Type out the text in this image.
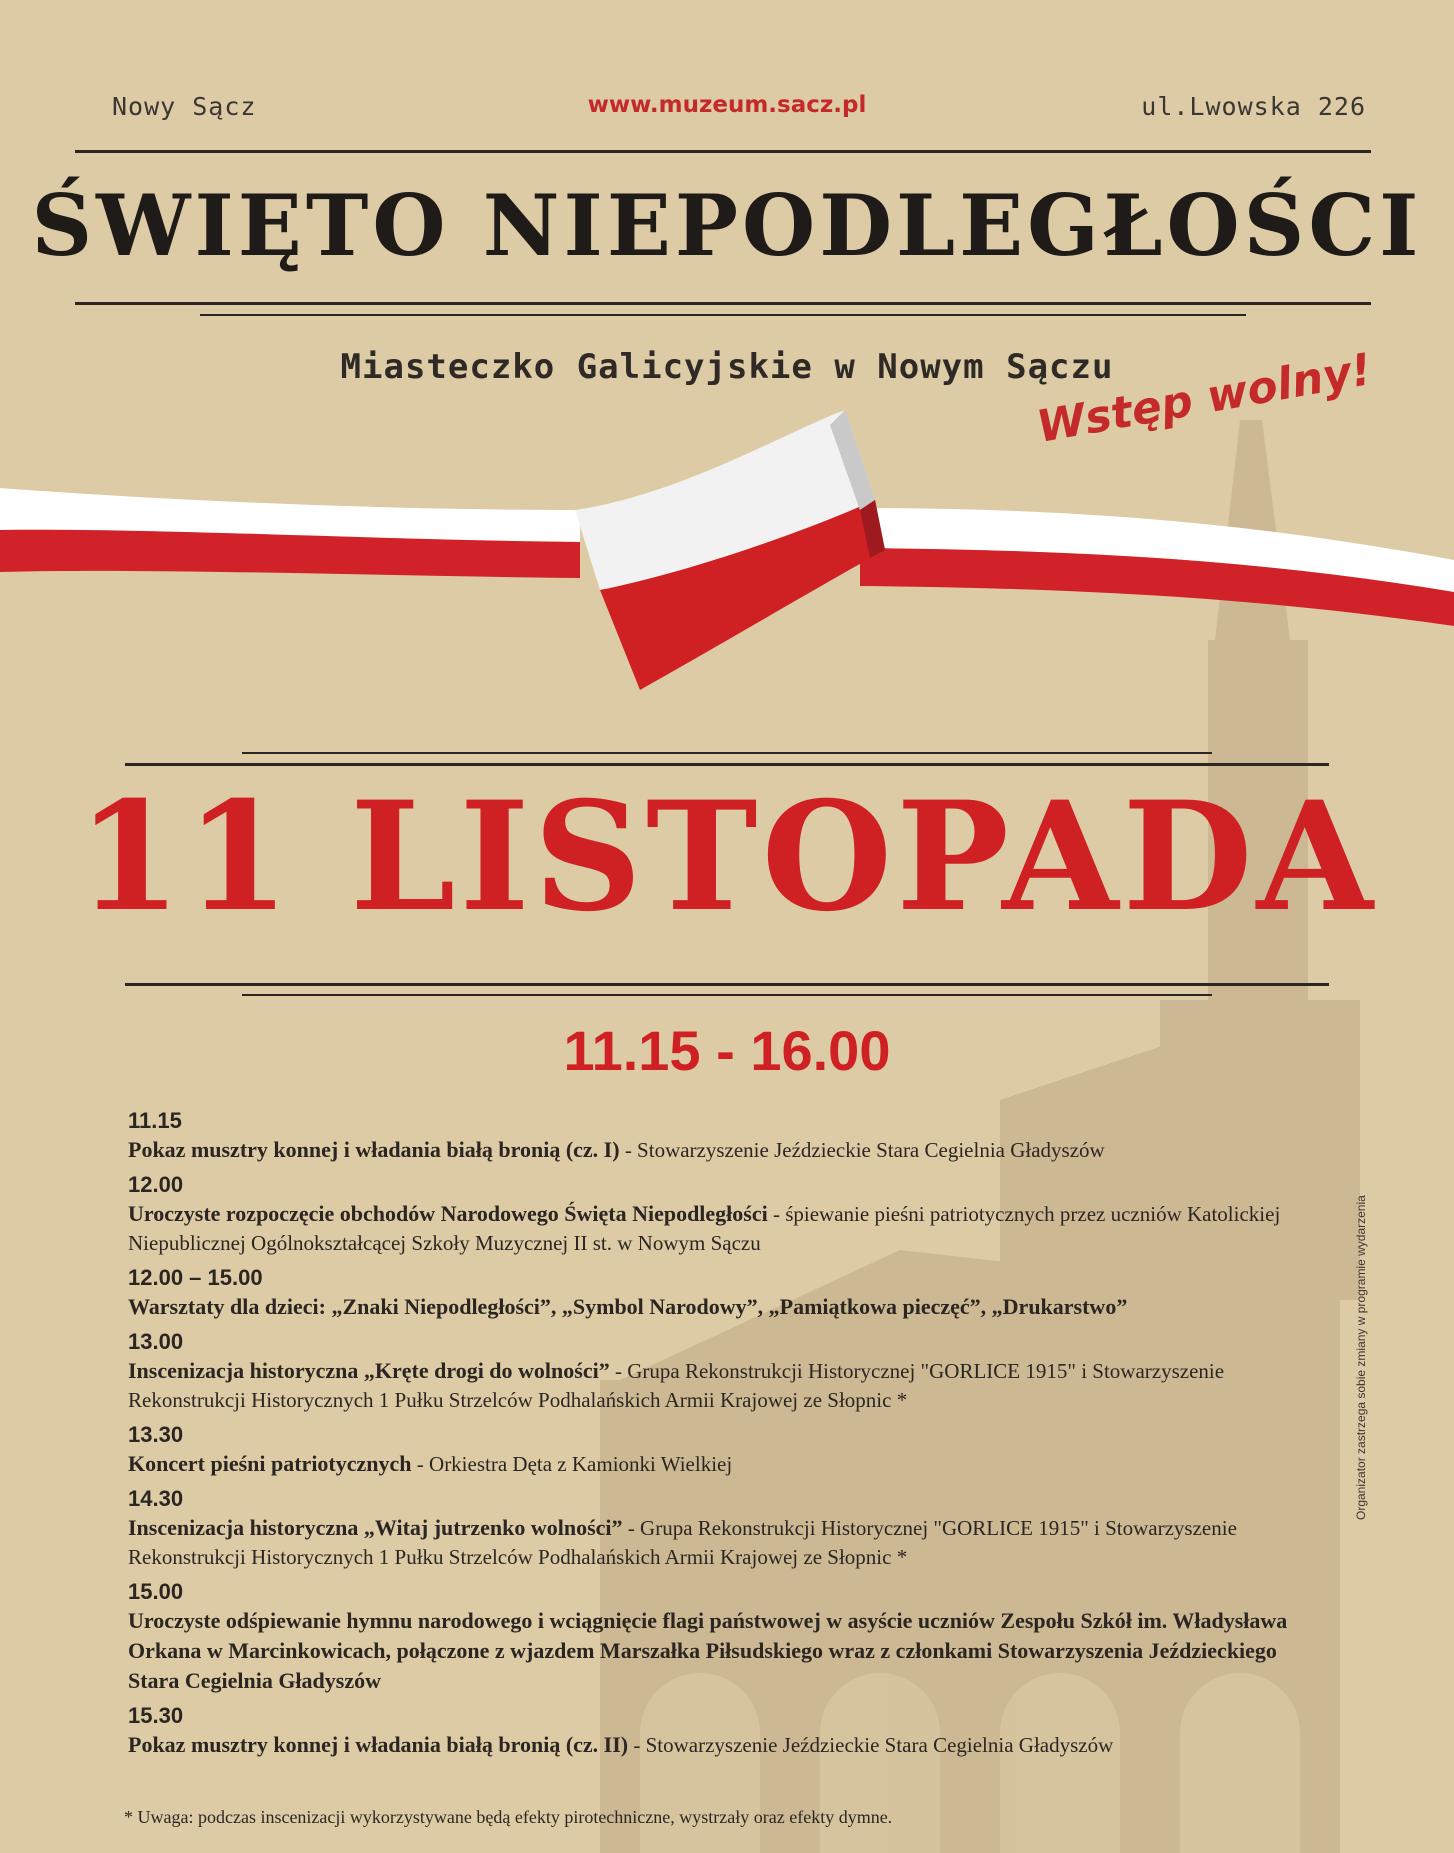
Nowy Sącz	www.muzeum.sacz.pl	ul.Lwowska 226
ŚWIĘTO NIEPODLEGŁOŚCI
Miasteczko Galicyjskie w Nowym Sączu
Wstęp wolny!
11 LISTOPADA
11.15 - 16.00
11.15
Pokaz musztry konnej i władania białą bronią (cz. I) - Stowarzyszenie Jeździeckie Stara Cegielnia Gładyszów
12.00
Uroczyste rozpoczęcie obchodów Narodowego Święta Niepodległości - śpiewanie pieśni patriotycznych przez uczniów Katolickiej Niepublicznej Ogólnokształcącej Szkoły Muzycznej II st. w Nowym Sączu
12.00 – 15.00
Warsztaty dla dzieci: „Znaki Niepodległości”, „Symbol Narodowy”, „Pamiątkowa pieczęć”, „Drukarstwo”
13.00
Inscenizacja historyczna „Kręte drogi do wolności” - Grupa Rekonstrukcji Historycznej "GORLICE 1915" i Stowarzyszenie Rekonstrukcji Historycznych 1 Pułku Strzelców Podhalańskich Armii Krajowej ze Słopnic *
13.30
Koncert pieśni patriotycznych - Orkiestra Dęta z Kamionki Wielkiej
14.30
Inscenizacja historyczna „Witaj jutrzenko wolności” - Grupa Rekonstrukcji Historycznej "GORLICE 1915" i Stowarzyszenie Rekonstrukcji Historycznych 1 Pułku Strzelców Podhalańskich Armii Krajowej ze Słopnic *
15.00
Uroczyste odśpiewanie hymnu narodowego i wciągnięcie flagi państwowej w asyście uczniów Zespołu Szkół im. Władysława Orkana w Marcinkowicach, połączone z wjazdem Marszałka Piłsudskiego wraz z członkami Stowarzyszenia Jeździeckiego Stara Cegielnia Gładyszów
15.30
Pokaz musztry konnej i władania białą bronią (cz. II) - Stowarzyszenie Jeździeckie Stara Cegielnia Gładyszów
* Uwaga: podczas inscenizacji wykorzystywane będą efekty pirotechniczne, wystrzały oraz efekty dymne.
Organizator zastrzega sobie zmiany w programie wydarzenia
